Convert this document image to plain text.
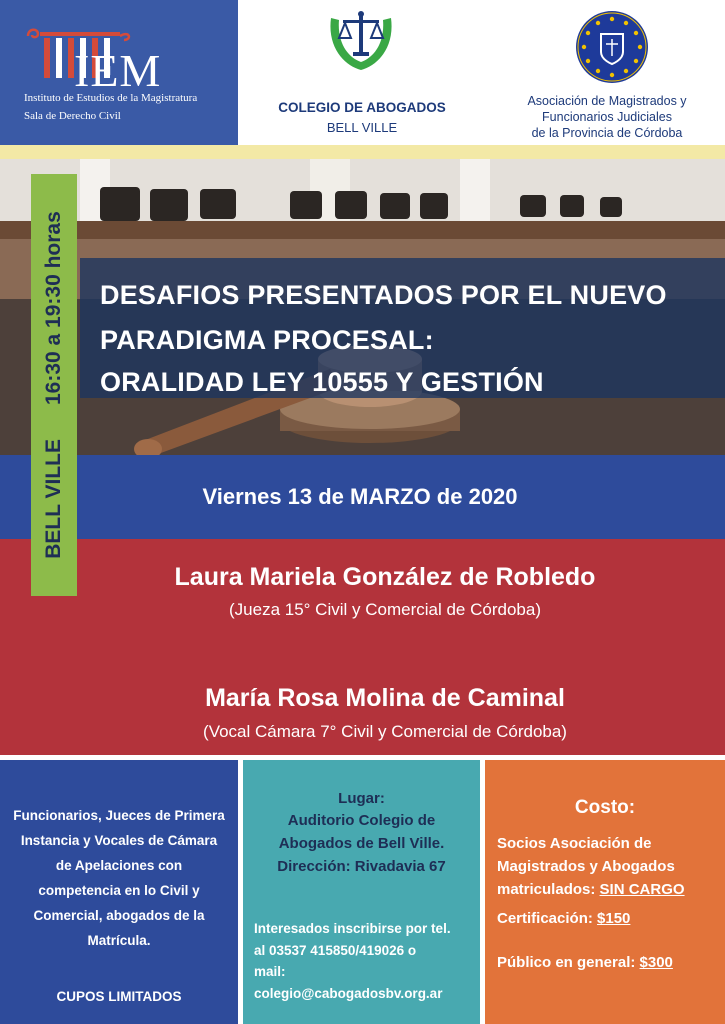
IEM
Instituto de Estudios de la Magistratura
Sala de Derecho Civil
COLEGIO DE ABOGADOS
BELL VILLE
Asociación de Magistrados y
Funcionarios Judiciales
de la Provincia de Córdoba
DESAFIOS PRESENTADOS POR EL NUEVO
PARADIGMA PROCESAL:
ORALIDAD LEY 10555 Y GESTIÓN
Viernes 13 de MARZO de 2020
Laura Mariela González de Robledo
(Jueza 15° Civil y Comercial de Córdoba)
María Rosa Molina de Caminal
(Vocal Cámara 7° Civil y Comercial de Córdoba)
BELL VILLE16:30 a 19:30 horas
Funcionarios, Jueces de Primera
Instancia y Vocales de Cámara
de Apelaciones con
competencia en lo Civil y
Comercial, abogados de la
Matrícula.
CUPOS LIMITADOS
Lugar:
Auditorio Colegio de
Abogados de Bell Ville.
Dirección: Rivadavia 67
Interesados inscribirse por tel.
al 03537 415850/419026 o
mail:
colegio@cabogadosbv.org.ar
Costo:
Socios Asociación de
Magistrados y Abogados
matriculados: SIN CARGO
Certificación: $150
Público en general: $300
